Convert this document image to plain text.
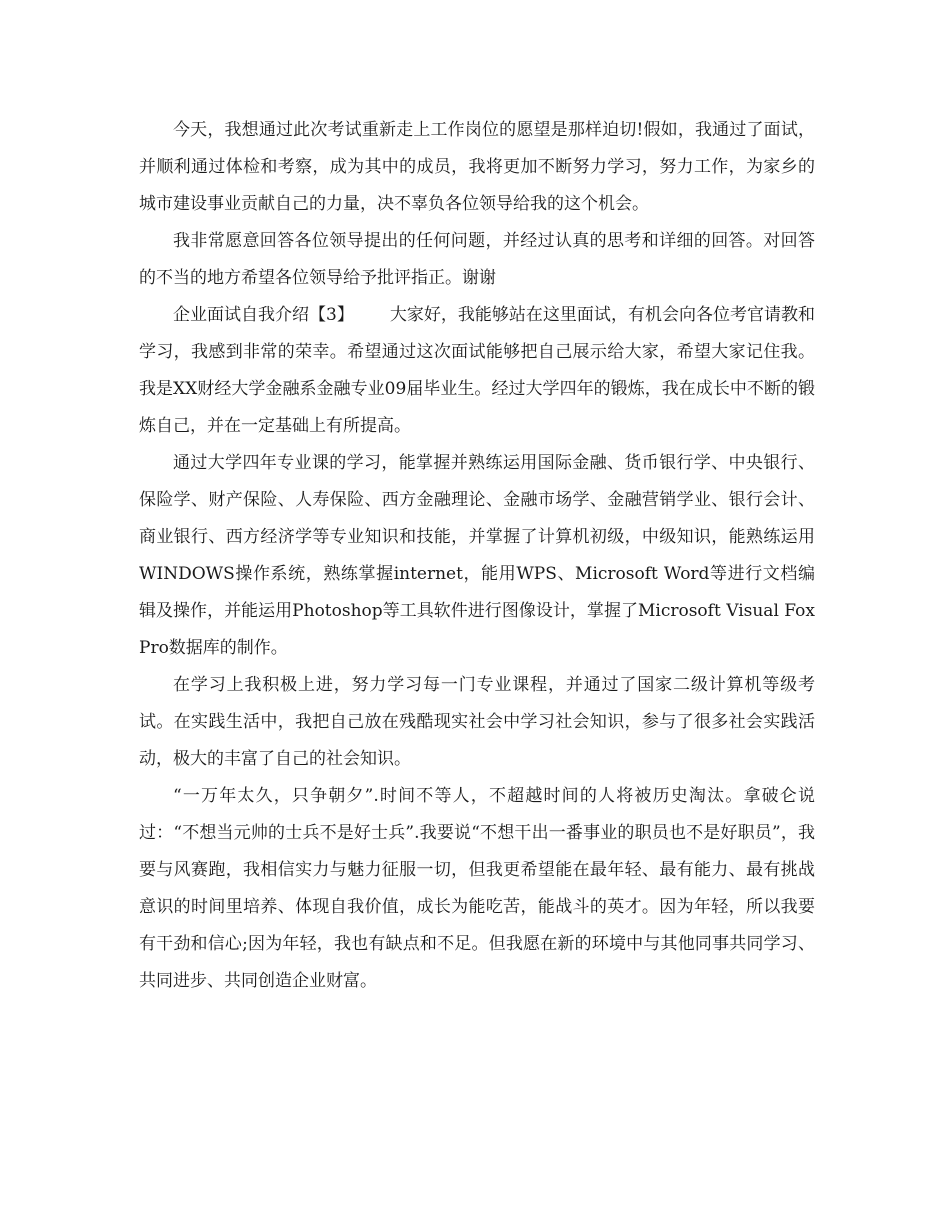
今天，我想通过此次考试重新走上工作岗位的愿望是那样迫切!假如，我通过了面试，并顺利通过体检和考察，成为其中的成员，我将更加不断努力学习，努力工作，为家乡的城市建设事业贡献自己的力量，决不辜负各位领导给我的这个机会。

我非常愿意回答各位领导提出的任何问题，并经过认真的思考和详细的回答。对回答的不当的地方希望各位领导给予批评指正。谢谢

企业面试自我介绍【3】 大家好，我能够站在这里面试，有机会向各位考官请教和学习，我感到非常的荣幸。希望通过这次面试能够把自己展示给大家，希望大家记住我。我是XX财经大学金融系金融专业09届毕业生。经过大学四年的锻炼，我在成长中不断的锻炼自己，并在一定基础上有所提高。

通过大学四年专业课的学习，能掌握并熟练运用国际金融、货币银行学、中央银行、保险学、财产保险、人寿保险、西方金融理论、金融市场学、金融营销学业、银行会计、商业银行、西方经济学等专业知识和技能，并掌握了计算机初级，中级知识，能熟练运用WINDOWS操作系统，熟练掌握internet，能用WPS、Microsoft Word等进行文档编辑及操作，并能运用Photoshop等工具软件进行图像设计，掌握了Microsoft Visual FoxPro数据库的制作。

在学习上我积极上进，努力学习每一门专业课程，并通过了国家二级计算机等级考试。在实践生活中，我把自己放在残酷现实社会中学习社会知识，参与了很多社会实践活动，极大的丰富了自己的社会知识。

“一万年太久，只争朝夕”.时间不等人，不超越时间的人将被历史淘汰。拿破仑说过：“不想当元帅的士兵不是好士兵”.我要说“不想干出一番事业的职员也不是好职员”，我要与风赛跑，我相信实力与魅力征服一切，但我更希望能在最年轻、最有能力、最有挑战意识的时间里培养、体现自我价值，成长为能吃苦，能战斗的英才。因为年轻，所以我要有干劲和信心;因为年轻，我也有缺点和不足。但我愿在新的环境中与其他同事共同学习、共同进步、共同创造企业财富。
